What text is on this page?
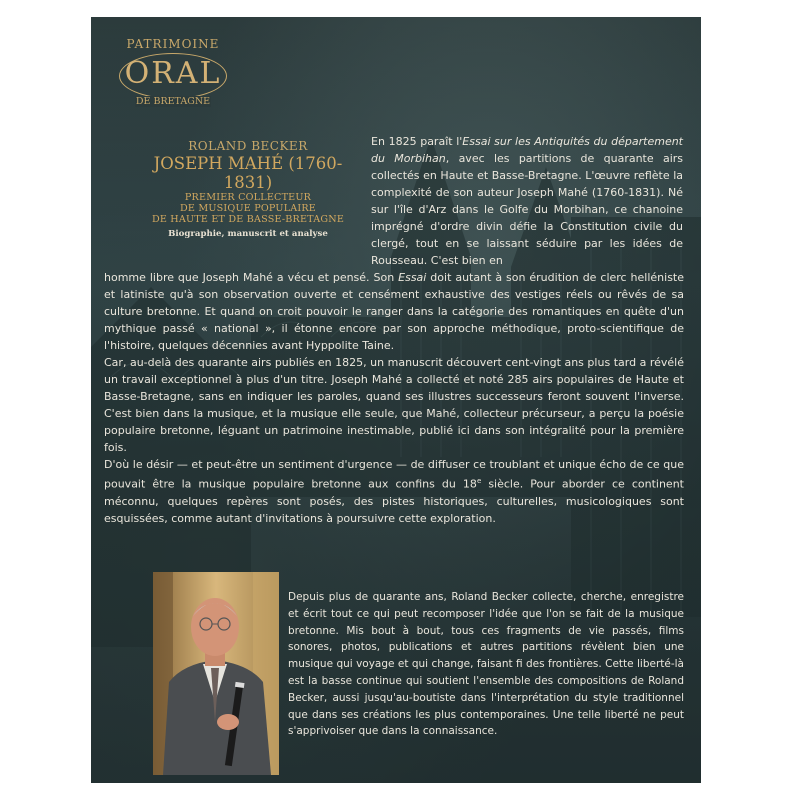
PATRIMOINE
ORAL
DE BRETAGNE
ROLAND BECKER
JOSEPH MAHÉ (1760-1831)
PREMIER COLLECTEUR
DE MUSIQUE POPULAIRE
DE HAUTE ET DE BASSE-BRETAGNE
Biographie, manuscrit et analyse
En 1825 paraît l'Essai sur les Antiquités du département du Morbihan, avec les partitions de quarante airs collectés en Haute et Basse-Bretagne. L'œuvre reflète la complexité de son auteur Joseph Mahé (1760-1831). Né sur l'île d'Arz dans le Golfe du Morbihan, ce chanoine imprégné d'ordre divin défie la Constitution civile du clergé, tout en se laissant séduire par les idées de Rousseau. C'est bien en
homme libre que Joseph Mahé a vécu et pensé. Son Essai doit autant à son érudition de clerc helléniste et latiniste qu'à son observation ouverte et censément exhaustive des vestiges réels ou rêvés de sa culture bretonne. Et quand on croit pouvoir le ranger dans la catégorie des romantiques en quête d'un mythique passé « national », il étonne encore par son approche méthodique, proto-scientifique de l'histoire, quelques décennies avant Hyppolite Taine.
Car, au-delà des quarante airs publiés en 1825, un manuscrit découvert cent-vingt ans plus tard a révélé un travail exceptionnel à plus d'un titre. Joseph Mahé a collecté et noté 285 airs populaires de Haute et Basse-Bretagne, sans en indiquer les paroles, quand ses illustres successeurs feront souvent l'inverse. C'est bien dans la musique, et la musique elle seule, que Mahé, collecteur précurseur, a perçu la poésie populaire bretonne, léguant un patrimoine inestimable, publié ici dans son intégralité pour la première fois.
D'où le désir — et peut-être un sentiment d'urgence — de diffuser ce troublant et unique écho de ce que pouvait être la musique populaire bretonne aux confins du 18e siècle. Pour aborder ce continent méconnu, quelques repères sont posés, des pistes historiques, culturelles, musicologiques sont esquissées, comme autant d'invitations à poursuivre cette exploration.
Depuis plus de quarante ans, Roland Becker collecte, cherche, enregistre et écrit tout ce qui peut recomposer l'idée que l'on se fait de la musique bretonne. Mis bout à bout, tous ces fragments de vie passés, films sonores, photos, publications et autres partitions révèlent bien une musique qui voyage et qui change, faisant fi des frontières. Cette liberté-là est la basse continue qui soutient l'ensemble des compositions de Roland Becker, aussi jusqu'au-boutiste dans l'interprétation du style traditionnel que dans ses créations les plus contemporaines. Une telle liberté ne peut s'apprivoiser que dans la connaissance.
